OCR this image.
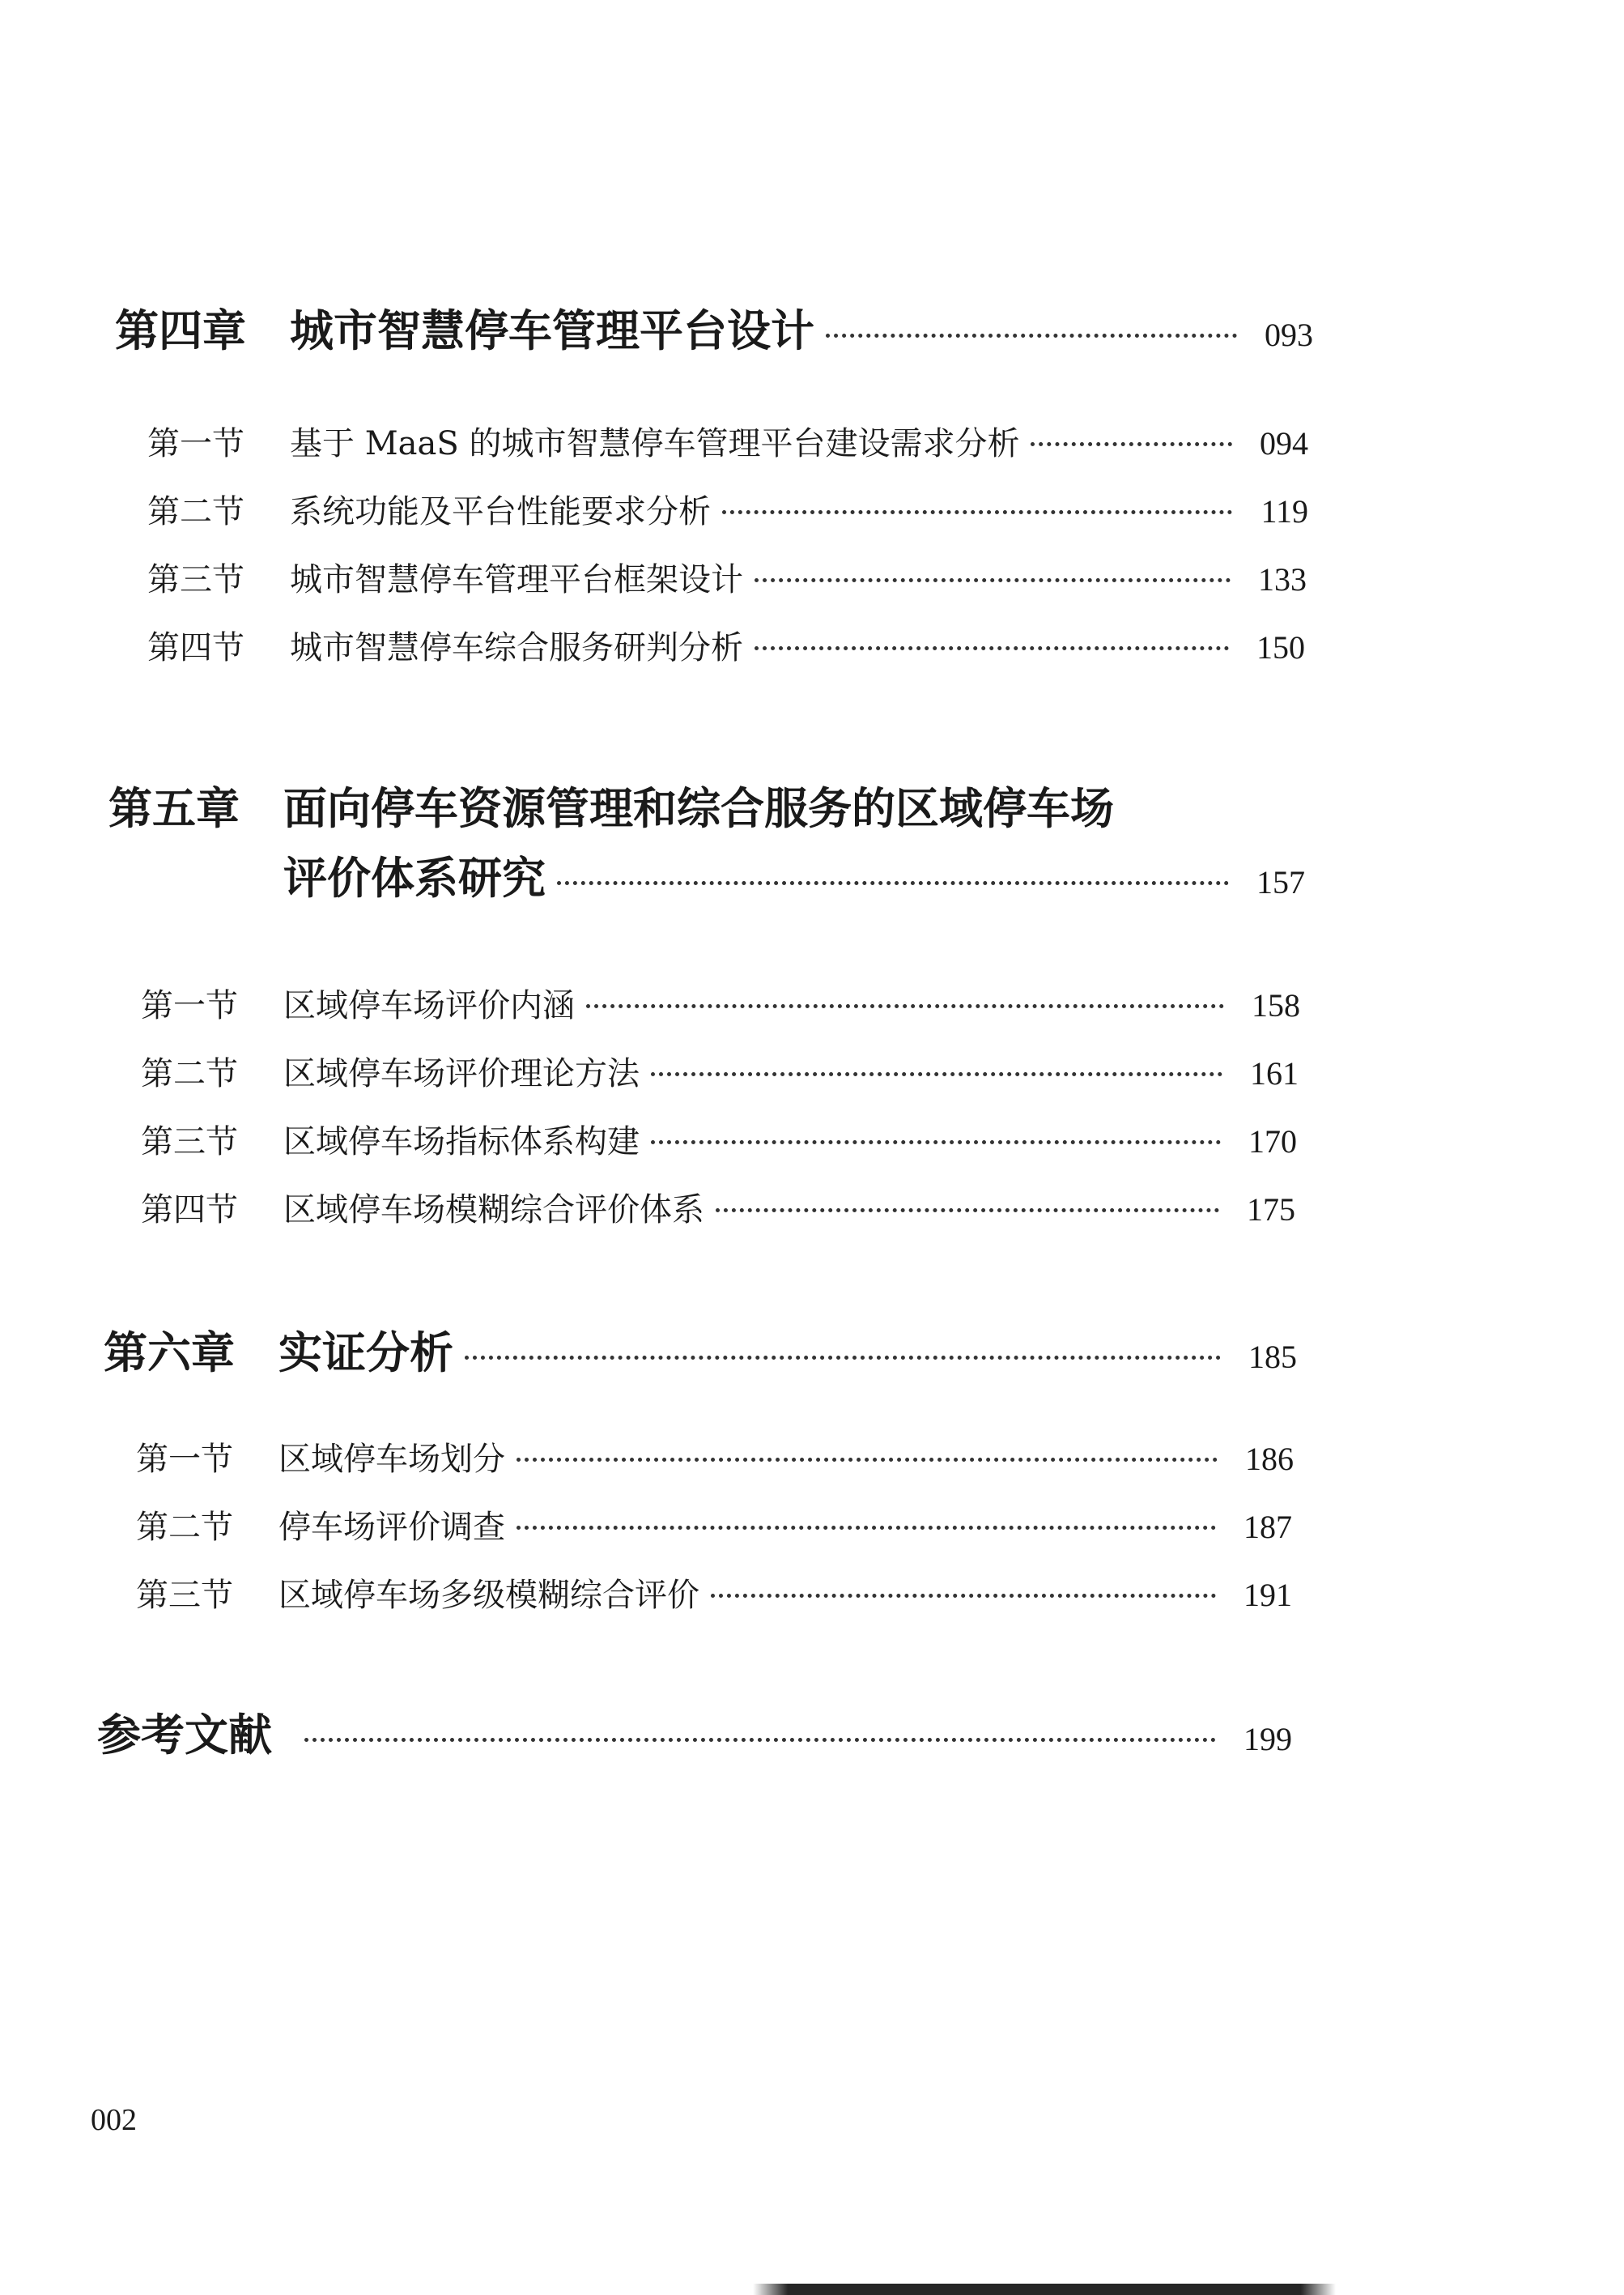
第四章	城市智慧停车管理平台设计	093
第一节	基于 MaaS 的城市智慧停车管理平台建设需求分析	094
第二节	系统功能及平台性能要求分析	119
第三节	城市智慧停车管理平台框架设计	133
第四节	城市智慧停车综合服务研判分析	150
第五章 面向停车资源管理和综合服务的区域停车场
评价体系研究	157
第一节	区域停车场评价内涵	158
第二节	区域停车场评价理论方法	161
第三节	区域停车场指标体系构建	170
第四节	区域停车场模糊综合评价体系	175
第六章	实证分析	185
第一节	区域停车场划分	186
第二节	停车场评价调查	187
第三节	区域停车场多级模糊综合评价	191
参考文献	199
002
